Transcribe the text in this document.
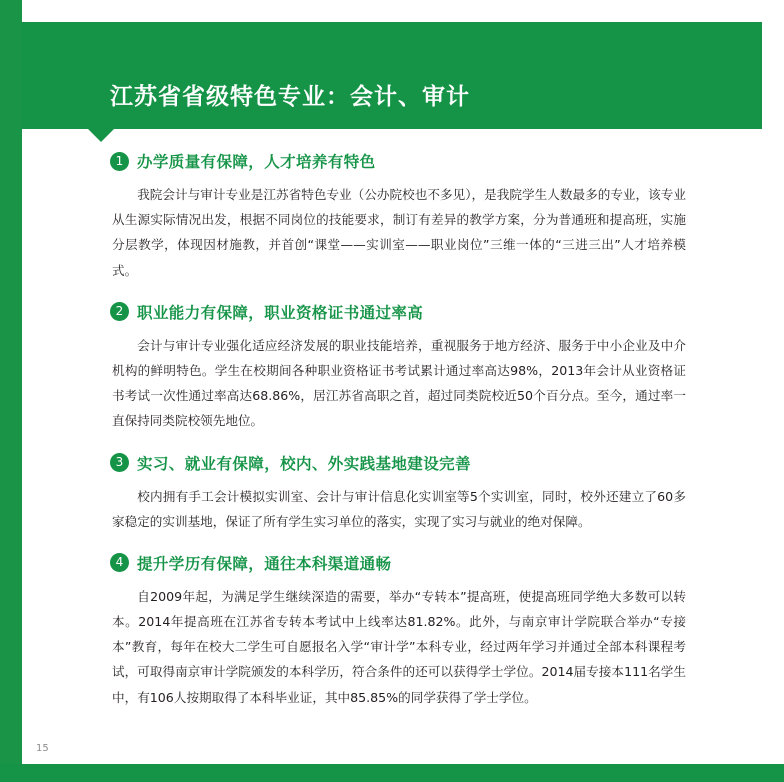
江苏省省级特色专业：会计、审计
1 办学质量有保障，人才培养有特色
我院会计与审计专业是江苏省特色专业（公办院校也不多见），是我院学生人数最多的专业，该专业从生源实际情况出发，根据不同岗位的技能要求，制订有差异的教学方案，分为普通班和提高班，实施分层教学，体现因材施教，并首创“课堂——实训室——职业岗位”三维一体的“三进三出”人才培养模式。
2 职业能力有保障，职业资格证书通过率高
会计与审计专业强化适应经济发展的职业技能培养，重视服务于地方经济、服务于中小企业及中介机构的鲜明特色。学生在校期间各种职业资格证书考试累计通过率高达98%，2013年会计从业资格证书考试一次性通过率高达68.86%，居江苏省高职之首，超过同类院校近50个百分点。至今，通过率一直保持同类院校领先地位。
3 实习、就业有保障，校内、外实践基地建设完善
校内拥有手工会计模拟实训室、会计与审计信息化实训室等5个实训室，同时，校外还建立了60多家稳定的实训基地，保证了所有学生实习单位的落实，实现了实习与就业的绝对保障。
4 提升学历有保障，通往本科渠道通畅
自2009年起，为满足学生继续深造的需要，举办“专转本”提高班，使提高班同学绝大多数可以转本。2014年提高班在江苏省专转本考试中上线率达81.82%。此外，与南京审计学院联合举办“专接本”教育，每年在校大二学生可自愿报名入学“审计学”本科专业，经过两年学习并通过全部本科课程考试，可取得南京审计学院颁发的本科学历，符合条件的还可以获得学士学位。2014届专接本111名学生中，有106人按期取得了本科毕业证，其中85.85%的同学获得了学士学位。
15
